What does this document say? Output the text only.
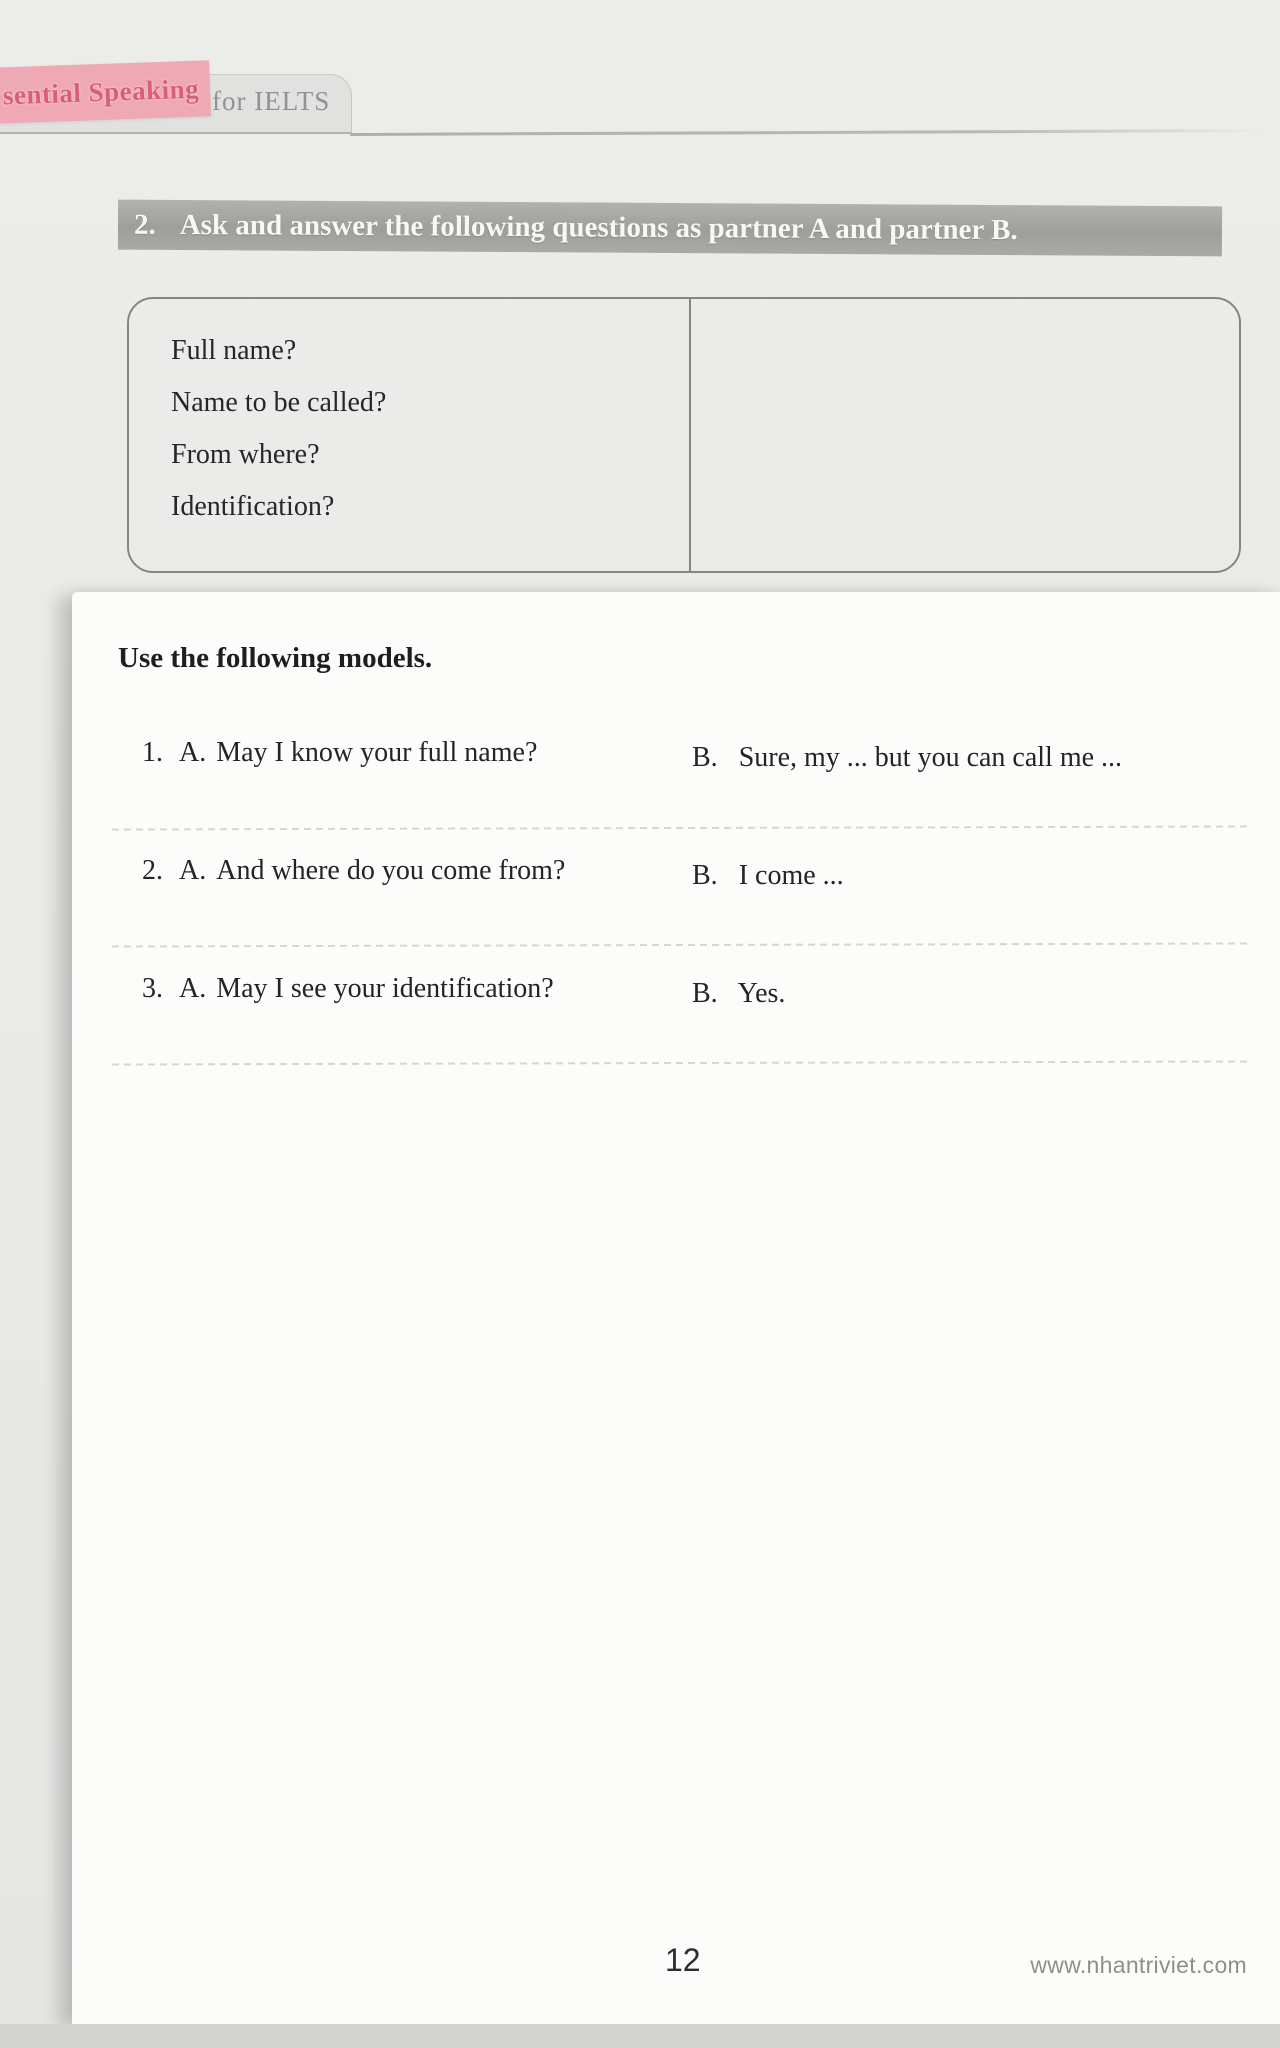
sential Speaking for IELTS
2. Ask and answer the following questions as partner A and partner B.
Full name?
Name to be called?
From where?
Identification?
Use the following models.
1. A. May I know your full name?	B. Sure, my ... but you can call me ...
2. A. And where do you come from?	B. I come ...
3. A. May I see your identification?	B. Yes.
12	www.nhantriviet.com
